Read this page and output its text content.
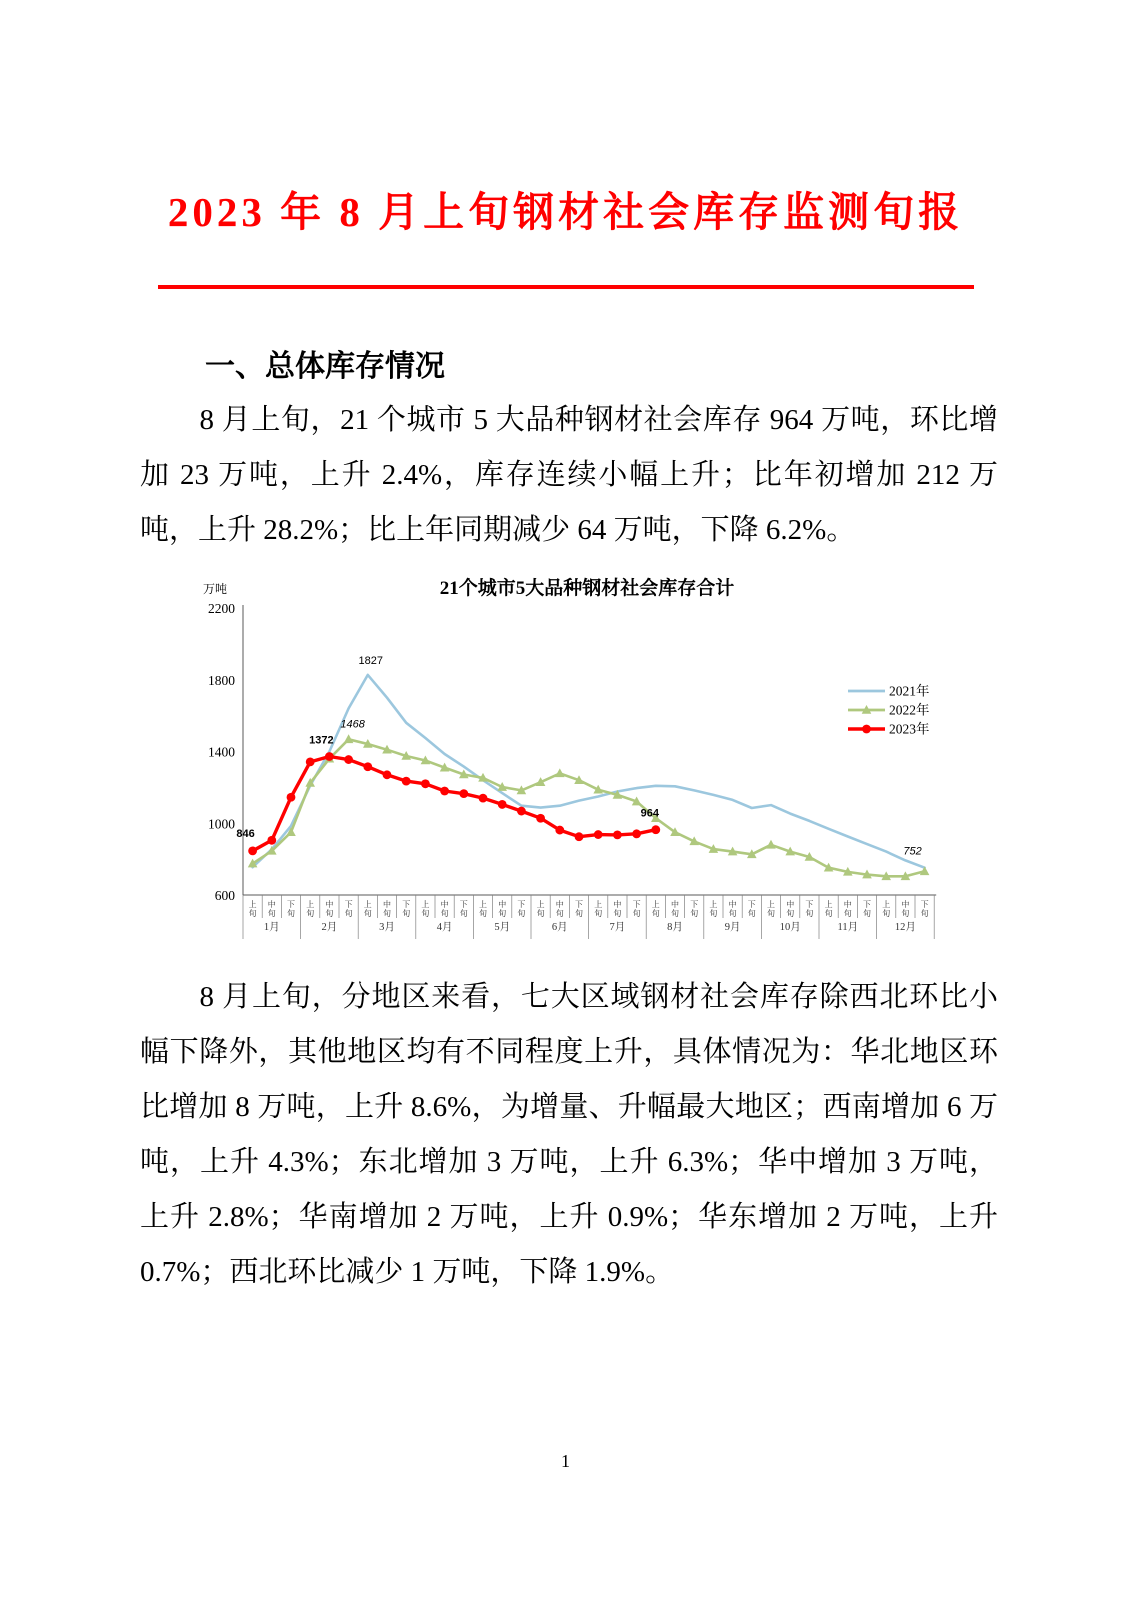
2023 年 8 月上旬钢材社会库存监测旬报
一、总体库存情况

8 月上旬，21 个城市 5 大品种钢材社会库存 964 万吨，环比增加 23 万吨，上升 2.4%，库存连续小幅上升；比年初增加 212 万吨，上升 28.2%；比上年同期减少 64 万吨，下降 6.2%。

21个城市5大品种钢材社会库存合计
万吨
600
1000
1400
1800
2200
上
旬
中
旬
下
旬
上
旬
中
旬
下
旬
上
旬
中
旬
下
旬
上
旬
中
旬
下
旬
上
旬
中
旬
下
旬
上
旬
中
旬
下
旬
上
旬
中
旬
下
旬
上
旬
中
旬
下
旬
上
旬
中
旬
下
旬
上
旬
中
旬
下
旬
上
旬
中
旬
下
旬
上
旬
中
旬
下
旬
1月	2月	3月	4月	5月	6月	7月	8月	9月	10月	11月	12月
2021年
2022年
2023年
846
1372
1468
1827
964
752

8 月上旬，分地区来看，七大区域钢材社会库存除西北环比小幅下降外，其他地区均有不同程度上升，具体情况为：华北地区环比增加 8 万吨，上升 8.6%，为增量、升幅最大地区；西南增加 6 万吨，上升 4.3%；东北增加 3 万吨，上升 6.3%；华中增加 3 万吨，上升 2.8%；华南增加 2 万吨，上升 0.9%；华东增加 2 万吨，上升 0.7%；西北环比减少 1 万吨，下降 1.9%。

1
